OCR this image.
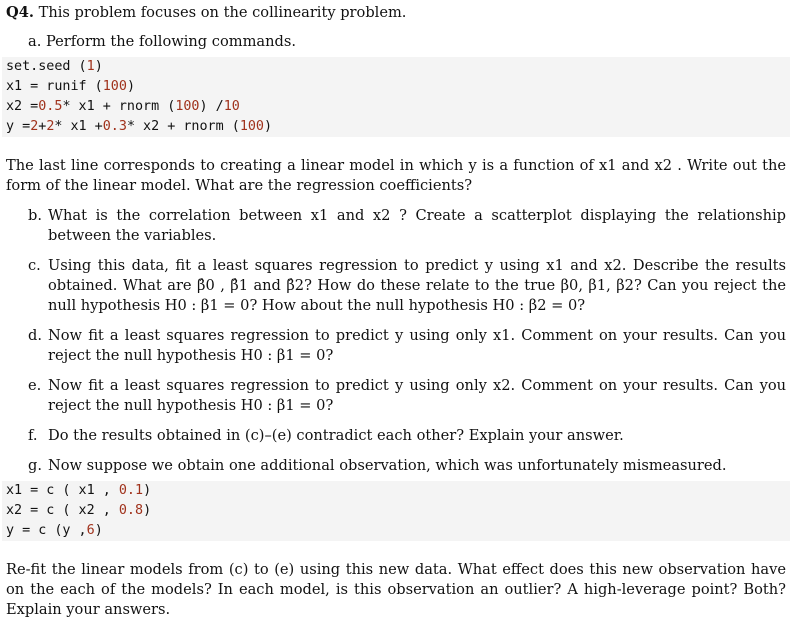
Q4. This problem focuses on the collinearity problem.
a. Perform the following commands.
set.seed (1)
x1 = runif (100)
x2 =0.5* x1 + rnorm (100) /10
y =2+2* x1 +0.3* x2 + rnorm (100)
The last line corresponds to creating a linear model in which y is a function of x1 and x2 . Write out the form of the linear model. What are the regression coefficients?
b. What is the correlation between x1 and x2 ? Create a scatterplot displaying the relationship between the variables.
c. Using this data, fit a least squares regression to predict y using x1 and x2. Describe the results obtained. What are β̂0 , β̂1 and β̂2? How do these relate to the true β0, β1, β2? Can you reject the null hypothesis H0 : β1 = 0? How about the null hypothesis H0 : β2 = 0?
d. Now fit a least squares regression to predict y using only x1. Comment on your results. Can you reject the null hypothesis H0 : β1 = 0?
e. Now fit a least squares regression to predict y using only x2. Comment on your results. Can you reject the null hypothesis H0 : β1 = 0?
f. Do the results obtained in (c)–(e) contradict each other? Explain your answer.
g. Now suppose we obtain one additional observation, which was unfortunately mismeasured.
x1 = c ( x1 , 0.1)
x2 = c ( x2 , 0.8)
y = c (y ,6)
Re-fit the linear models from (c) to (e) using this new data. What effect does this new observation have on the each of the models? In each model, is this observation an outlier? A high-leverage point? Both? Explain your answers.
